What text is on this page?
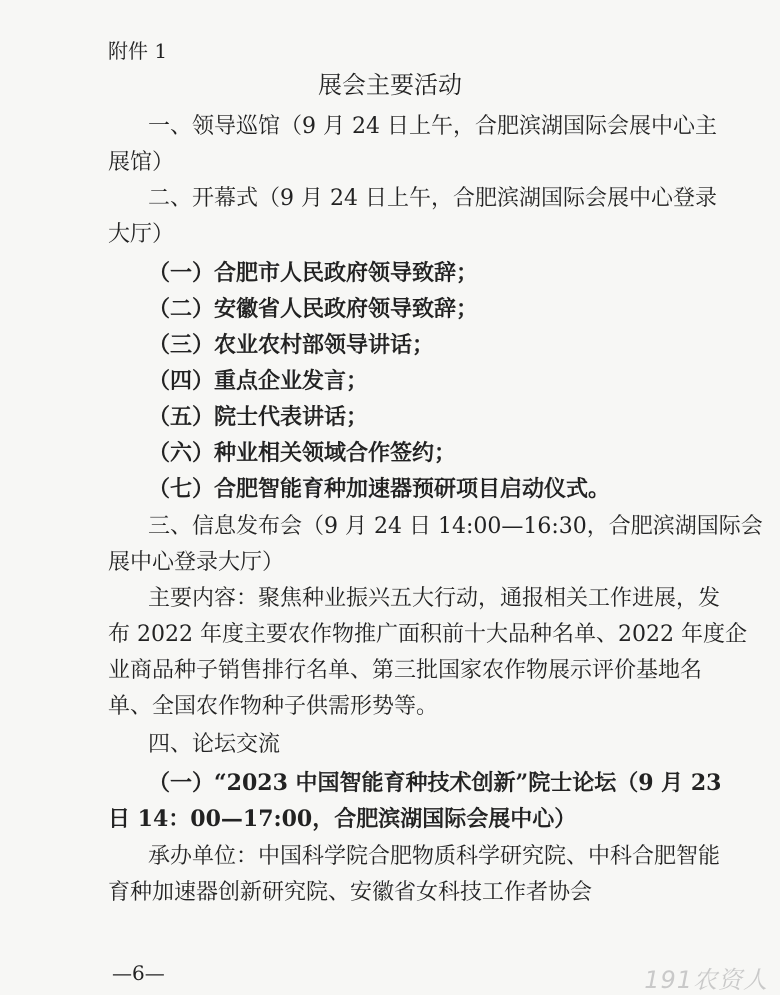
附件 1
展会主要活动
一、领导巡馆（9 月 24 日上午，合肥滨湖国际会展中心主
展馆）
二、开幕式（9 月 24 日上午，合肥滨湖国际会展中心登录
大厅）
（一）合肥市人民政府领导致辞；
（二）安徽省人民政府领导致辞；
（三）农业农村部领导讲话；
（四）重点企业发言；
（五）院士代表讲话；
（六）种业相关领域合作签约；
（七）合肥智能育种加速器预研项目启动仪式。
三、信息发布会（9 月 24 日 14:00—16:30，合肥滨湖国际会
展中心登录大厅）
主要内容：聚焦种业振兴五大行动，通报相关工作进展，发
布 2022 年度主要农作物推广面积前十大品种名单、2022 年度企
业商品种子销售排行名单、第三批国家农作物展示评价基地名
单、全国农作物种子供需形势等。
四、论坛交流
（一）“2023 中国智能育种技术创新”院士论坛（9 月 23
日 14：00—17:00，合肥滨湖国际会展中心）
承办单位：中国科学院合肥物质科学研究院、中科合肥智能
育种加速器创新研究院、安徽省女科技工作者协会
—6—	191农资人
